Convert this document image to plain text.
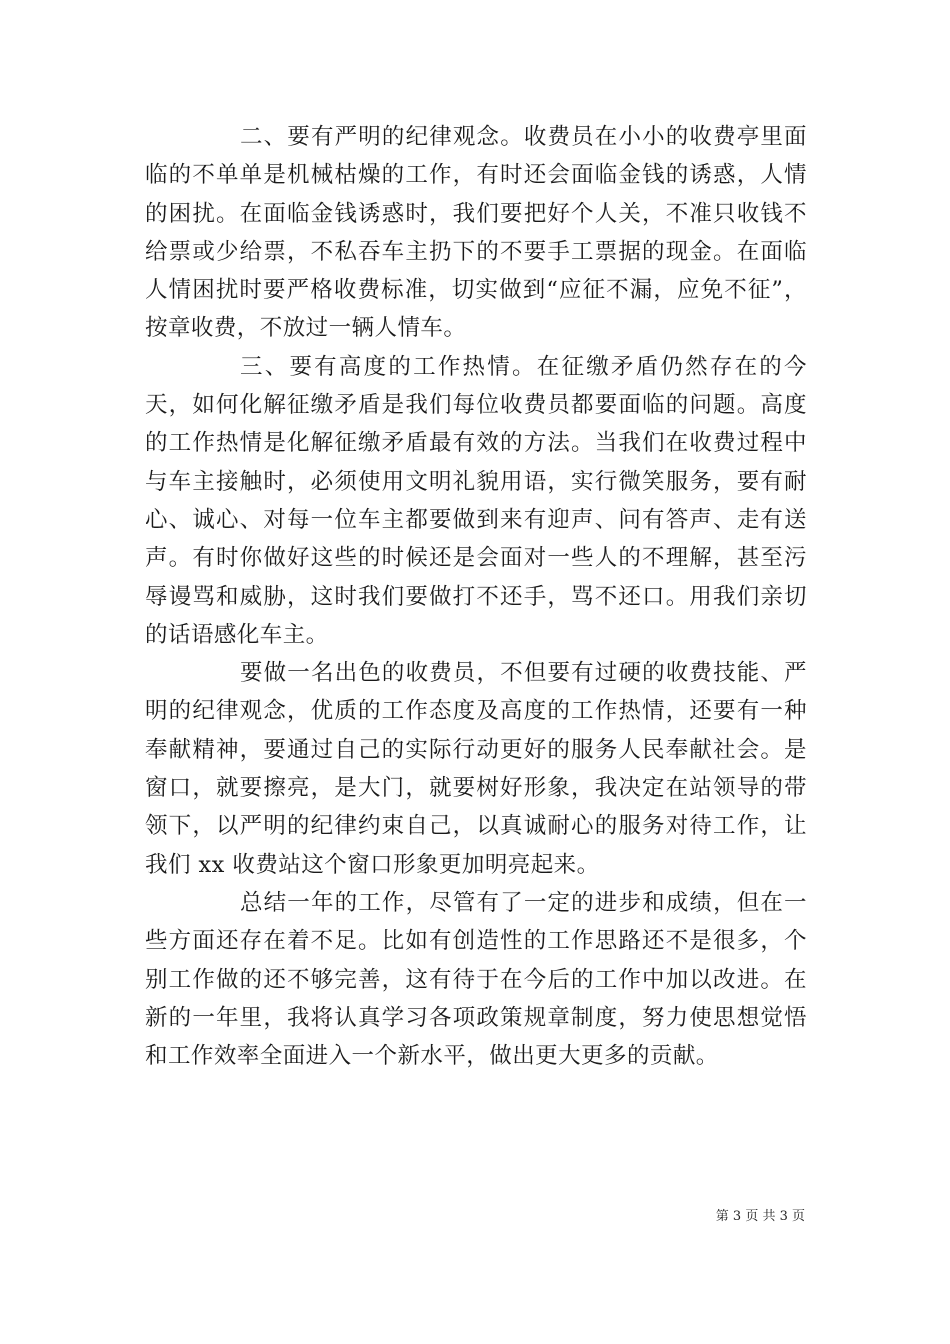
二、要有严明的纪律观念。收费员在小小的收费亭里面临的不单单是机械枯燥的工作，有时还会面临金钱的诱惑，人情的困扰。在面临金钱诱惑时，我们要把好个人关，不准只收钱不给票或少给票，不私吞车主扔下的不要手工票据的现金。在面临人情困扰时要严格收费标准，切实做到“应征不漏，应免不征”，按章收费，不放过一辆人情车。

三、要有高度的工作热情。在征缴矛盾仍然存在的今天，如何化解征缴矛盾是我们每位收费员都要面临的问题。高度的工作热情是化解征缴矛盾最有效的方法。当我们在收费过程中与车主接触时，必须使用文明礼貌用语，实行微笑服务，要有耐心、诚心、对每一位车主都要做到来有迎声、问有答声、走有送声。有时你做好这些的时候还是会面对一些人的不理解，甚至污辱谩骂和威胁，这时我们要做打不还手，骂不还口。用我们亲切的话语感化车主。

要做一名出色的收费员，不但要有过硬的收费技能、严明的纪律观念，优质的工作态度及高度的工作热情，还要有一种奉献精神，要通过自己的实际行动更好的服务人民奉献社会。是窗口，就要擦亮，是大门，就要树好形象，我决定在站领导的带领下，以严明的纪律约束自己，以真诚耐心的服务对待工作，让我们 xx 收费站这个窗口形象更加明亮起来。

总结一年的工作，尽管有了一定的进步和成绩，但在一些方面还存在着不足。比如有创造性的工作思路还不是很多，个别工作做的还不够完善，这有待于在今后的工作中加以改进。在新的一年里，我将认真学习各项政策规章制度，努力使思想觉悟和工作效率全面进入一个新水平，做出更大更多的贡献。

第 3 页 共 3 页
